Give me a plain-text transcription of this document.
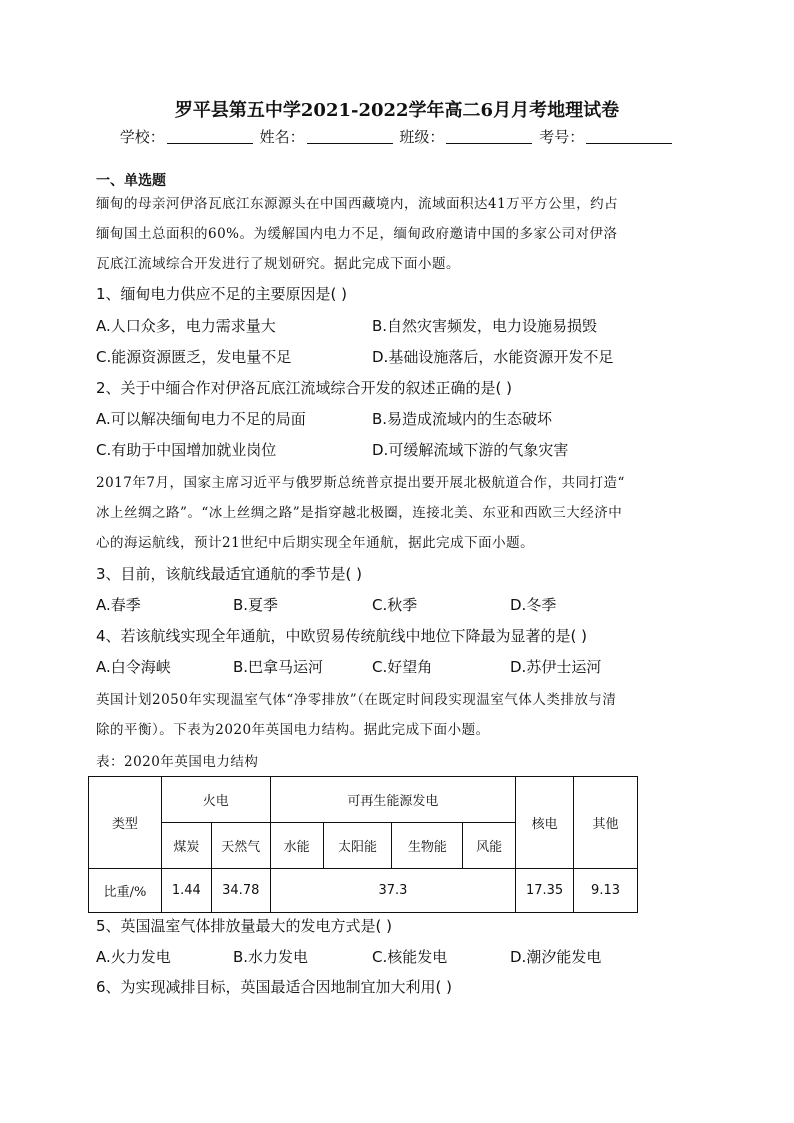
罗平县第五中学2021-2022学年高二6月月考地理试卷
学校：	姓名：	班级：	考号：
一、单选题
缅甸的母亲河伊洛瓦底江东源源头在中国西藏境内，流域面积达41万平方公里，约占
缅甸国土总面积的60%。为缓解国内电力不足，缅甸政府邀请中国的多家公司对伊洛
瓦底江流域综合开发进行了规划研究。据此完成下面小题。
1、缅甸电力供应不足的主要原因是( )
A.人口众多，电力需求量大	B.自然灾害频发，电力设施易损毁
C.能源资源匮乏，发电量不足	D.基础设施落后，水能资源开发不足
2、关于中缅合作对伊洛瓦底江流域综合开发的叙述正确的是( )
A.可以解决缅甸电力不足的局面	B.易造成流域内的生态破坏
C.有助于中国增加就业岗位	D.可缓解流域下游的气象灾害
2017年7月，国家主席习近平与俄罗斯总统普京提出要开展北极航道合作，共同打造“
冰上丝绸之路”。“冰上丝绸之路”是指穿越北极圈，连接北美、东亚和西欧三大经济中
心的海运航线，预计21世纪中后期实现全年通航，据此完成下面小题。
3、目前，该航线最适宜通航的季节是( )
A.春季	B.夏季	C.秋季	D.冬季
4、若该航线实现全年通航，中欧贸易传统航线中地位下降最为显著的是( )
A.白令海峡	B.巴拿马运河	C.好望角	D.苏伊士运河
英国计划2050年实现温室气体“净零排放”（在既定时间段实现温室气体人类排放与清
除的平衡）。下表为2020年英国电力结构。据此完成下面小题。
表：2020年英国电力结构
类型	火电		可再生能源发电				核电	其他
	煤炭	天然气	水能	太阳能	生物能	风能		
比重/%	1.44	34.78	37.3				17.35	9.13
5、英国温室气体排放量最大的发电方式是( )
A.火力发电	B.水力发电	C.核能发电	D.潮汐能发电
6、为实现减排目标，英国最适合因地制宜加大利用( )
